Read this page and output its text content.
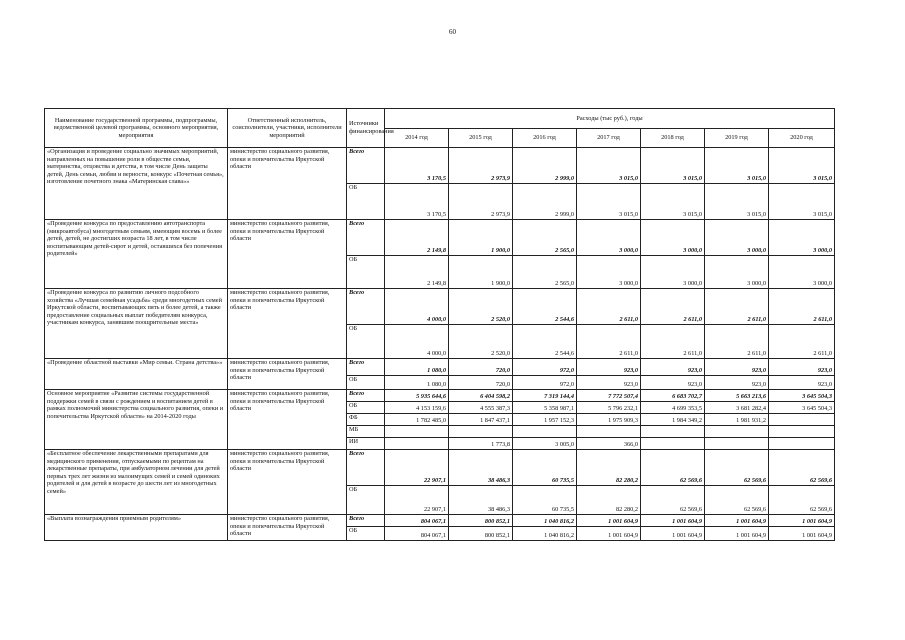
60
Наименование государственной программы, подпрограммы, ведомственной целевой программы, основного мероприятия, мероприятия	Ответственный исполнитель, соисполнители, участники, исполнители мероприятий	Источники финансирования	Расходы (тыс руб.), годы						
			2014 год	2015 год	2016 год	2017 год	2018 год	2019 год	2020 год
«Организация и проведение социально значимых мероприятий, направленных на повышение роли в обществе семьи, материнства, отцовства и детства, в том числе День защиты детей, День семьи, любви и верности, конкурс «Почетная семья», изготовление почетного знака «Материнская слава»»	министерство социального развития, опеки и попечительства Иркутской области	Всего	3 170,5	2 973,9	2 999,0	3 015,0	3 015,0	3 015,0	3 015,0
		ОБ	3 170,5	2 973,9	2 999,0	3 015,0	3 015,0	3 015,0	3 015,0
«Проведение конкурса по предоставлению автотранспорта (микроавтобуса) многодетным семьям, имеющим восемь и более детей, детей, не достигших возраста 18 лет, в том числе воспитывающим детей-сирот и детей, оставшихся без попечения родителей»	министерство социального развития, опеки и попечительства Иркутской области	Всего	2 149,8	1 900,0	2 565,0	3 000,0	3 000,0	3 000,0	3 000,0
		ОБ	2 149,8	1 900,0	2 565,0	3 000,0	3 000,0	3 000,0	3 000,0
«Проведение конкурса по развитию личного подсобного хозяйства «Лучшая семейная усадьба» среди многодетных семей Иркутской области, воспитывающих пять и более детей, а также предоставление социальных выплат победителям конкурса, участникам конкурса, занявшим поощрительные места»	министерство социального развития, опеки и попечительства Иркутской области	Всего	4 000,0	2 520,0	2 544,6	2 611,0	2 611,0	2 611,0	2 611,0
		ОБ	4 000,0	2 520,0	2 544,6	2 611,0	2 611,0	2 611,0	2 611,0
«Проведение областной выставки «Мир семьи. Страна детства»»	министерство социального развития, опеки и попечительства Иркутской области	Всего	1 080,0	720,0	972,0	923,0	923,0	923,0	923,0
		ОБ	1 080,0	720,0	972,0	923,0	923,0	923,0	923,0
Основное мероприятие «Развитие системы государственной поддержки семей в связи с рождением и воспитанием детей в рамках полномочий министерства социального развития, опеки и попечительства Иркутской области» на 2014-2020 годы	министерство социального развития, опеки и попечительства Иркутской области	Всего	5 935 644,6	6 404 598,2	7 319 144,4	7 772 507,4	6 683 702,7	5 663 213,6	3 645 504,3
		ОБ	4 153 159,6	4 555 387,3	5 358 987,1	5 796 232,1	4 699 353,5	3 681 282,4	3 645 504,3
		ФБ	1 782 485,0	1 847 437,1	1 957 152,3	1 975 909,3	1 984 349,2	1 981 931,2	
		МБ							
		ИИ		1 773,8	3 005,0	366,0			
«Бесплатное обеспечение лекарственными препаратами для медицинского применения, отпускаемыми по рецептам на лекарственные препараты, при амбулаторном лечении для детей первых трех лет жизни из малоимущих семей и семей одиноких родителей и для детей в возрасте до шести лет из многодетных семей»	министерство социального развития, опеки и попечительства Иркутской области	Всего	22 907,1	38 486,3	60 735,5	82 280,2	62 569,6	62 569,6	62 569,6
		ОБ	22 907,1	38 486,3	60 735,5	82 280,2	62 569,6	62 569,6	62 569,6
«Выплата вознаграждения приемным родителям»	министерство социального развития, опеки и попечительства Иркутской области	Всего	804 067,1	800 852,1	1 040 816,2	1 001 604,9	1 001 604,9	1 001 604,9	1 001 604,9
		ОБ	804 067,1	800 852,1	1 040 816,2	1 001 604,9	1 001 604,9	1 001 604,9	1 001 604,9
